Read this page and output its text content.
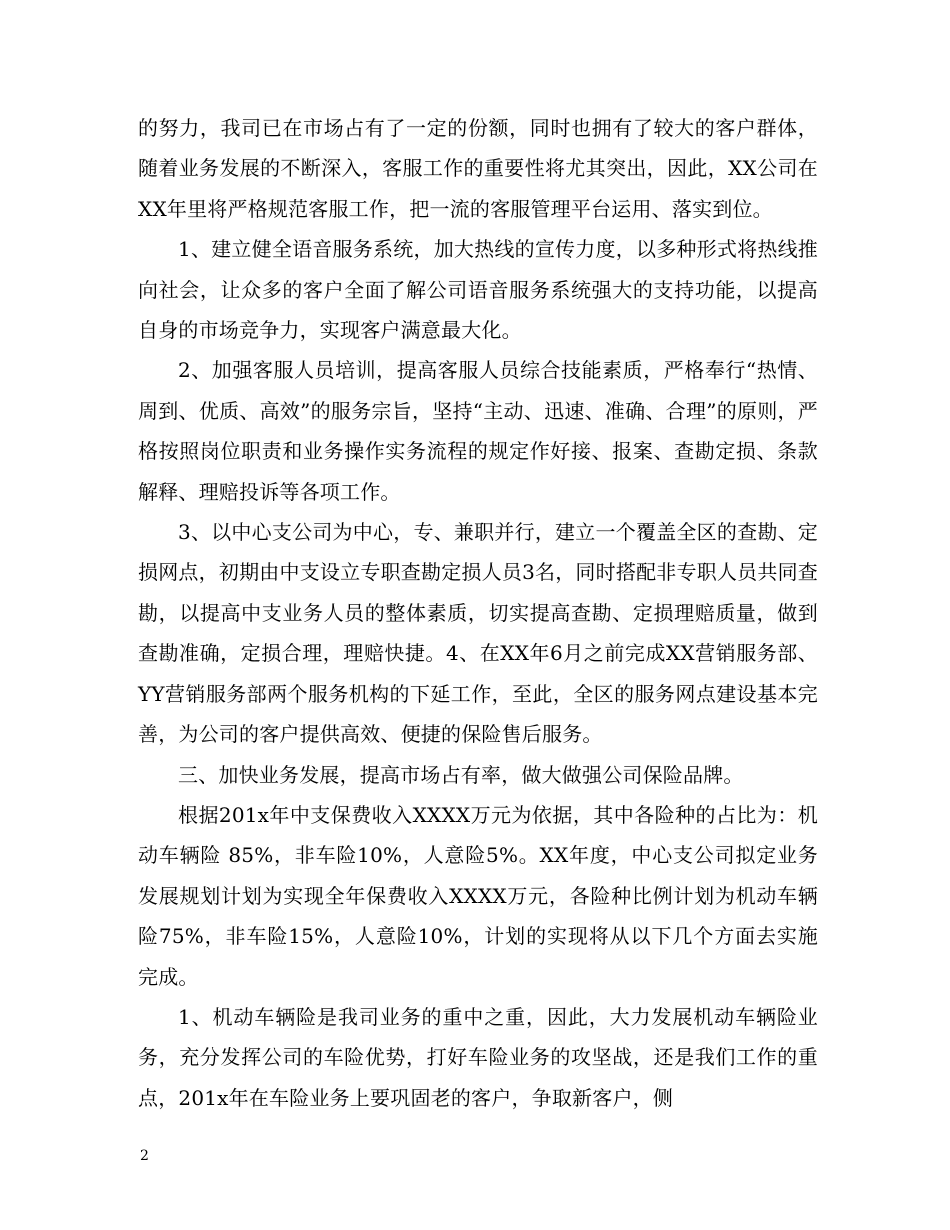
的努力，我司已在市场占有了一定的份额，同时也拥有了较大的客户群体，随着业务发展的不断深入，客服工作的重要性将尤其突出，因此，XX公司在XX年里将严格规范客服工作，把一流的客服管理平台运用、落实到位。

1、建立健全语音服务系统，加大热线的宣传力度，以多种形式将热线推向社会，让众多的客户全面了解公司语音服务系统强大的支持功能，以提高自身的市场竞争力，实现客户满意最大化。

2、加强客服人员培训，提高客服人员综合技能素质，严格奉行“热情、周到、优质、高效”的服务宗旨，坚持“主动、迅速、准确、合理”的原则，严格按照岗位职责和业务操作实务流程的规定作好接、报案、查勘定损、条款解释、理赔投诉等各项工作。

3、以中心支公司为中心，专、兼职并行，建立一个覆盖全区的查勘、定损网点，初期由中支设立专职查勘定损人员3名，同时搭配非专职人员共同查勘，以提高中支业务人员的整体素质，切实提高查勘、定损理赔质量，做到查勘准确，定损合理，理赔快捷。4、在XX年6月之前完成XX营销服务部、YY营销服务部两个服务机构的下延工作，至此，全区的服务网点建设基本完善，为公司的客户提供高效、便捷的保险售后服务。

三、加快业务发展，提高市场占有率，做大做强公司保险品牌。

根据201x年中支保费收入XXXX万元为依据，其中各险种的占比为：机动车辆险 85%，非车险10%，人意险5%。XX年度，中心支公司拟定业务发展规划计划为实现全年保费收入XXXX万元，各险种比例计划为机动车辆险75%，非车险15%，人意险10%，计划的实现将从以下几个方面去实施完成。

1、机动车辆险是我司业务的重中之重，因此，大力发展机动车辆险业务，充分发挥公司的车险优势，打好车险业务的攻坚战，还是我们工作的重点，201x年在车险业务上要巩固老的客户，争取新客户，侧

2
